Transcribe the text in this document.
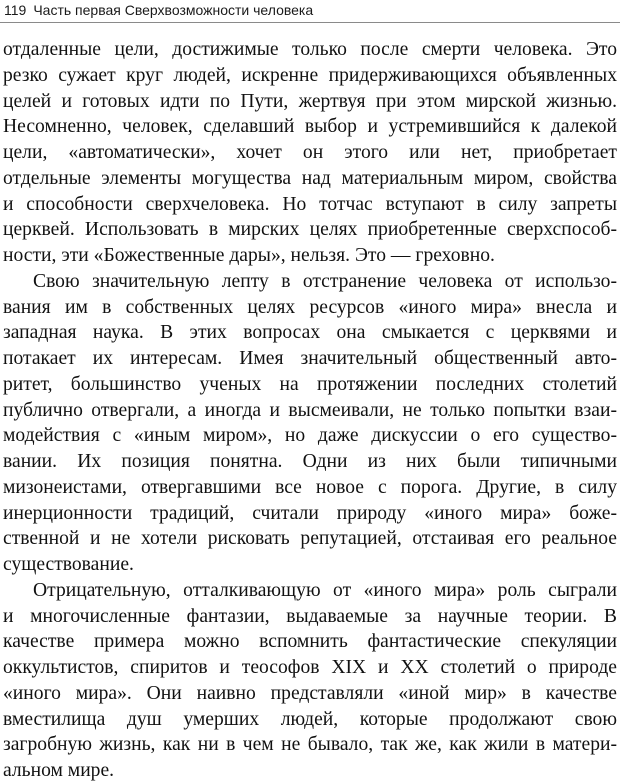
119 Часть первая Сверхвозможности человека

отдаленные цели, достижимые только после смерти человека. Это

резко сужает круг людей, искренне придерживающихся объявленных

целей и готовых идти по Пути, жертвуя при этом мирской жизнью.

Несомненно, человек, сделавший выбор и устремившийся к далекой

цели, «автоматически», хочет он этого или нет, приобретает

отдельные элементы могущества над материальным миром, свойства

и способности сверхчеловека. Но тотчас вступают в силу запреты

церквей. Использовать в мирских целях приобретенные сверхспособ-

ности, эти «Божественные дары», нельзя. Это — греховно.

Свою значительную лепту в отстранение человека от использо-

вания им в собственных целях ресурсов «иного мира» внесла и

западная наука. В этих вопросах она смыкается с церквями и

потакает их интересам. Имея значительный общественный авто-

ритет, большинство ученых на протяжении последних столетий

публично отвергали, а иногда и высмеивали, не только попытки взаи-

модействия с «иным миром», но даже дискуссии о его существо-

вании. Их позиция понятна. Одни из них были типичными

мизонеистами, отвергавшими все новое с порога. Другие, в силу

инерционности традиций, считали природу «иного мира» боже-

ственной и не хотели рисковать репутацией, отстаивая его реальное

существование.

Отрицательную, отталкивающую от «иного мира» роль сыграли

и многочисленные фантазии, выдаваемые за научные теории. В

качестве примера можно вспомнить фантастические спекуляции

оккультистов, спиритов и теософов XIX и XX столетий о природе

«иного мира». Они наивно представляли «иной мир» в качестве

вместилища душ умерших людей, которые продолжают свою

загробную жизнь, как ни в чем не бывало, так же, как жили в матери-

альном мире.
